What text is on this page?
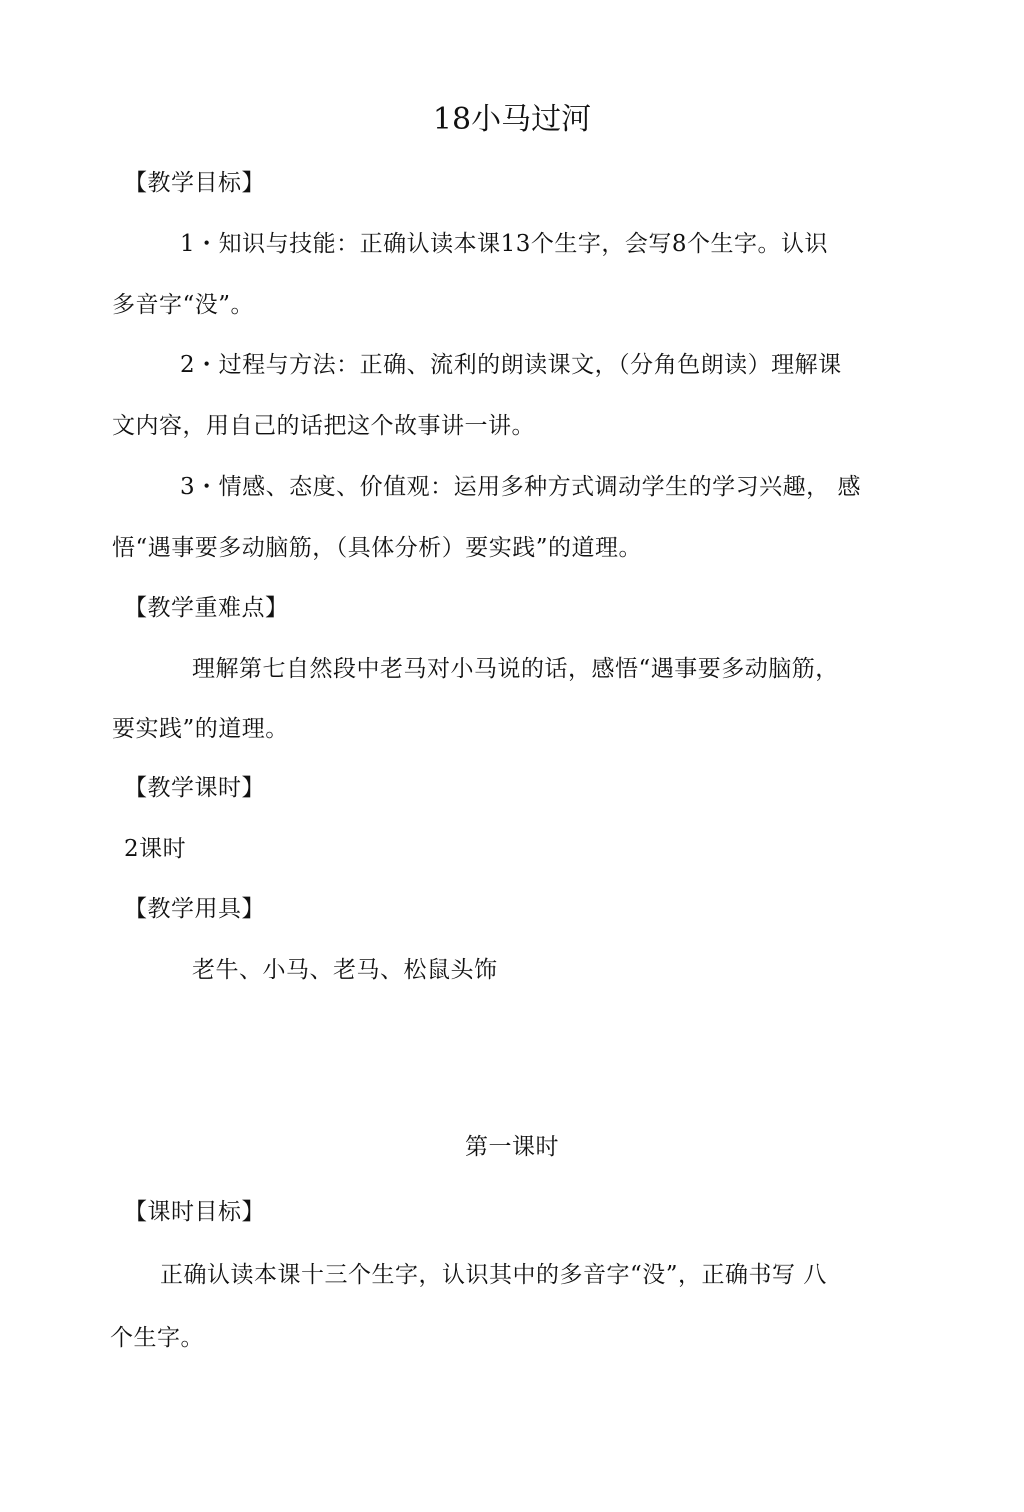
18小马过河
【教学目标】
1・知识与技能：正确认读本课13个生字，会写8个生字。认识
多音字“没”。
2・过程与方法：正确、流利的朗读课文，（分角色朗读）理解课
文内容，用自己的话把这个故事讲一讲。
3・情感、态度、价值观：运用多种方式调动学生的学习兴趣， 感
悟“遇事要多动脑筋，（具体分析）要实践”的道理。
【教学重难点】
理解第七自然段中老马对小马说的话，感悟“遇事要多动脑筋，
要实践”的道理。
【教学课时】
2课时
【教学用具】
老牛、小马、老马、松鼠头饰
第一课时
【课时目标】
正确认读本课十三个生字，认识其中的多音字“没”，正确书写 八
个生字。
